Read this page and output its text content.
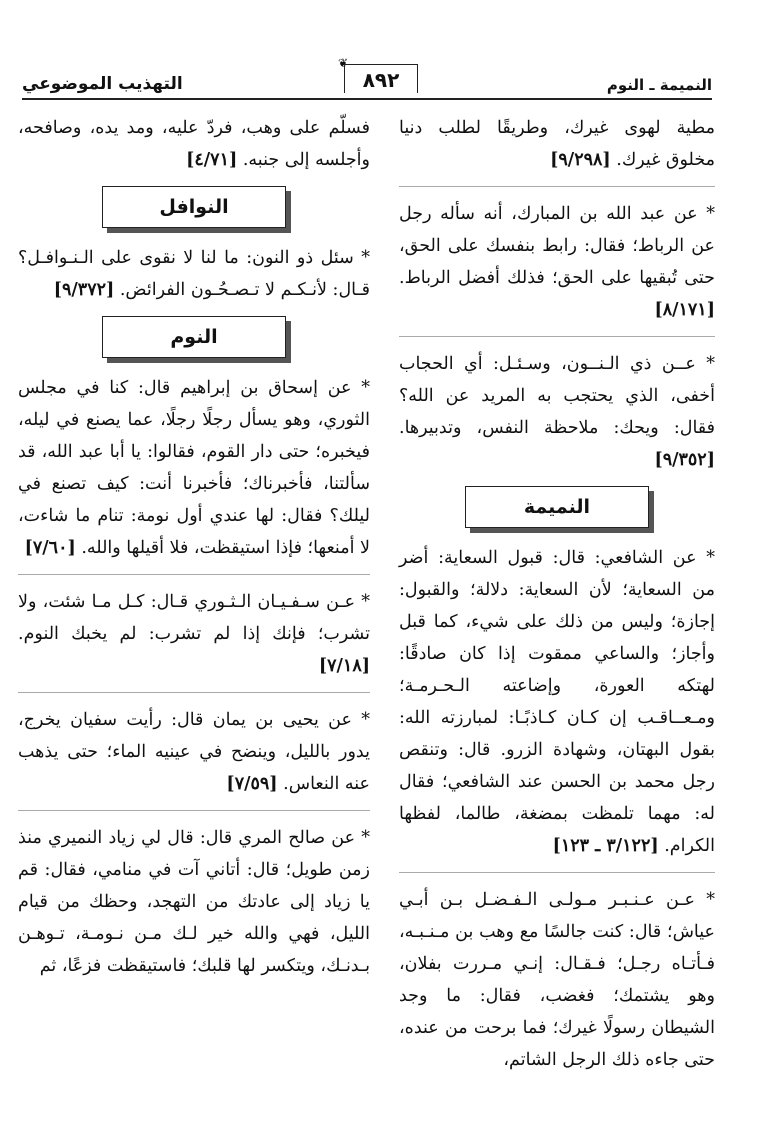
النميمة ـ النوم
❦
٨٩٢
التهذيب الموضوعي

مطية لهوى غيرك، وطريقًا لطلب دنيا مخلوق غيرك. [٩/٢٩٨]

* عن عبد الله بن المبارك، أنه سأله رجل عن الرباط؛ فقال: رابط بنفسك على الحق، حتى تُبقيها على الحق؛ فذلك أفضل الرباط. [٨/١٧١]

* عــن ذي الـنــون، وسـئـل: أي الحجاب أخفى، الذي يحتجب به المريد عن الله؟ فقال: ويحك: ملاحظة النفس، وتدبيرها. [٩/٣٥٢]

النميمة

* عن الشافعي: قال: قبول السعاية: أضر من السعاية؛ لأن السعاية: دلالة؛ والقبول: إجازة؛ وليس من ذلك على شيء، كما قبل وأجاز؛ والساعي ممقوت إذا كان صادقًا: لهتكه العورة، وإضاعته الـحـرمـة؛ ومـعــاقـب إن كـان كـاذبًـا: لمبارزته الله: بقول البهتان، وشهادة الزرو. قال: وتنقص رجل محمد بن الحسن عند الشافعي؛ فقال له: مهما تلمظت بمضغة، طالما، لفظها الكرام. [٣/١٢٢ ـ ١٢٣]

* عـن عـنـبـر مـولـى الـفـضـل بـن أبـي عياش؛ قال: كنت جالسًا مع وهب بن مـنـبـه، فـأتـاه رجـل؛ فـقـال: إنـي مـررت بفلان، وهو يشتمك؛ فغضب، فقال: ما وجد الشيطان رسولًا غيرك؛ فما برحت من عنده، حتى جاءه ذلك الرجل الشاتم،

فسلّم على وهب، فردّ عليه، ومد يده، وصافحه، وأجلسه إلى جنبه. [٤/٧١]

النوافل

* سئل ذو النون: ما لنا لا نقوى على الـنـوافـل؟ قـال: لأنـكـم لا تـصـحُـون الفرائض. [٩/٣٧٢]

النوم

* عن إسحاق بن إبراهيم قال: كنا في مجلس الثوري، وهو يسأل رجلًا رجلًا، عما يصنع في ليله، فيخبره؛ حتى دار القوم، فقالوا: يا أبا عبد الله، قد سألتنا، فأخبرناك؛ فأخبرنا أنت: كيف تصنع في ليلك؟ فقال: لها عندي أول نومة: تنام ما شاءت، لا أمنعها؛ فإذا استيقظت، فلا أقيلها والله. [٧/٦٠]

* عـن سـفـيـان الـثـوري قـال: كـل مـا شئت، ولا تشرب؛ فإنك إذا لم تشرب: لم يخبك النوم. [٧/١٨]

* عن يحيى بن يمان قال: رأيت سفيان يخرج، يدور بالليل، وينضح في عينيه الماء؛ حتى يذهب عنه النعاس. [٧/٥٩]

* عن صالح المري قال: قال لي زياد النميري منذ زمن طويل؛ قال: أتاني آت في منامي، فقال: قم يا زياد إلى عادتك من التهجد، وحظك من قيام الليل، فهي والله خير لـك مـن نـومـة، تـوهـن بـدنـك، ويتكسر لها قلبك؛ فاستيقظت فزعًا، ثم
